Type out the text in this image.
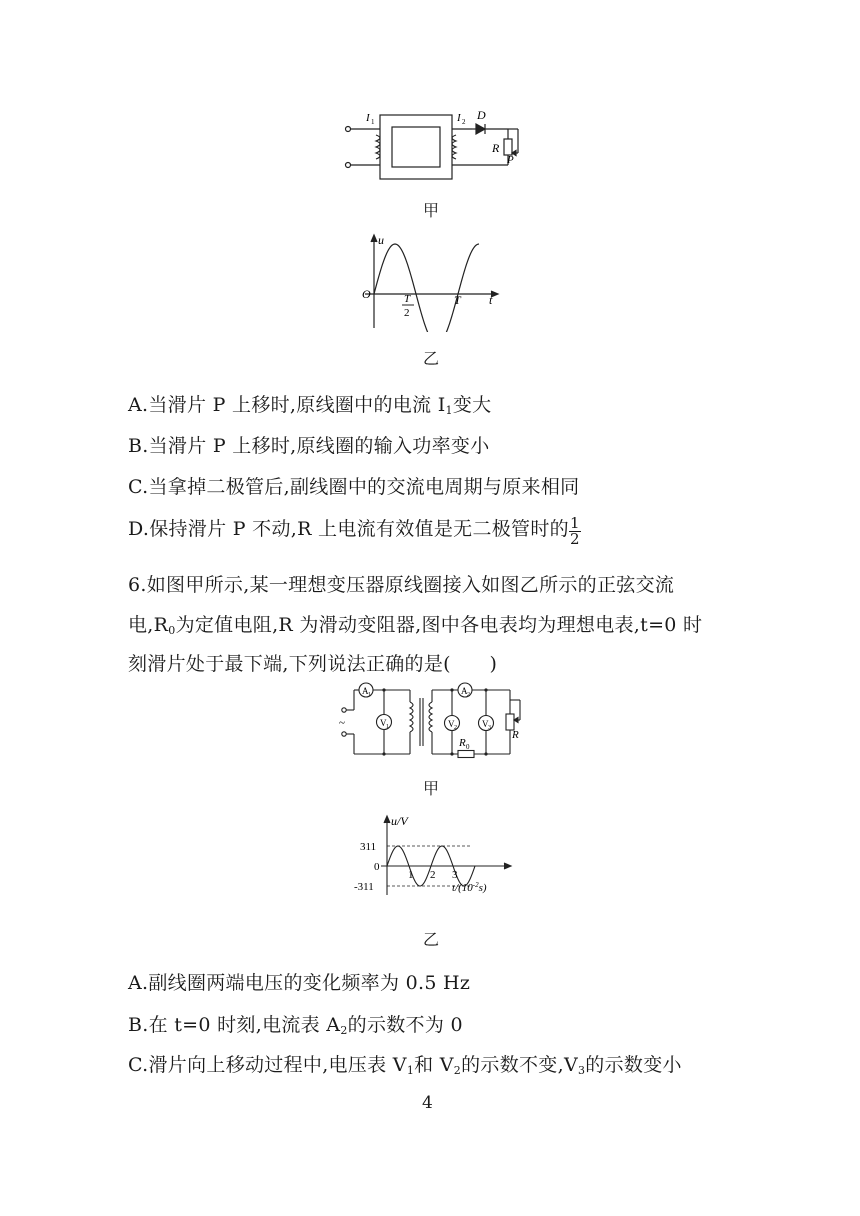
I 1	I 2 D
R
P
甲
u
O	T
2
T t
乙
A.当滑片 P 上移时,原线圈中的电流 $I_1$变大
B.当滑片 P 上移时,原线圈的输入功率变小
C.当拿掉二极管后,副线圈中的交流电周期与原来相同
D.保持滑片 P 不动,R 上电流有效值是无二极管时的 $\frac{1}{2}$
6.如图甲所示,某一理想变压器原线圈接入如图乙所示的正弦交流
电$,R_0$为定值电阻,R 为滑动变阻器,图中各电表均为理想电表,t=0 时
刻滑片处于最下端,下列说法正确的是(　　)
~
A 1
V 1
A 2
V 2	V 3
R 0
R
甲
u/V
311
0
-311
1 2 3
$t/(10^{-2}s)$
乙
A.副线圈两端电压的变化频率为 0.5 Hz
B.在 t=0 时刻,电流表 $A_2$的示数不为 0
C.滑片向上移动过程中,电压表 $V_1$和 $V_2$的示数不变$,V_3$的示数变小
4
